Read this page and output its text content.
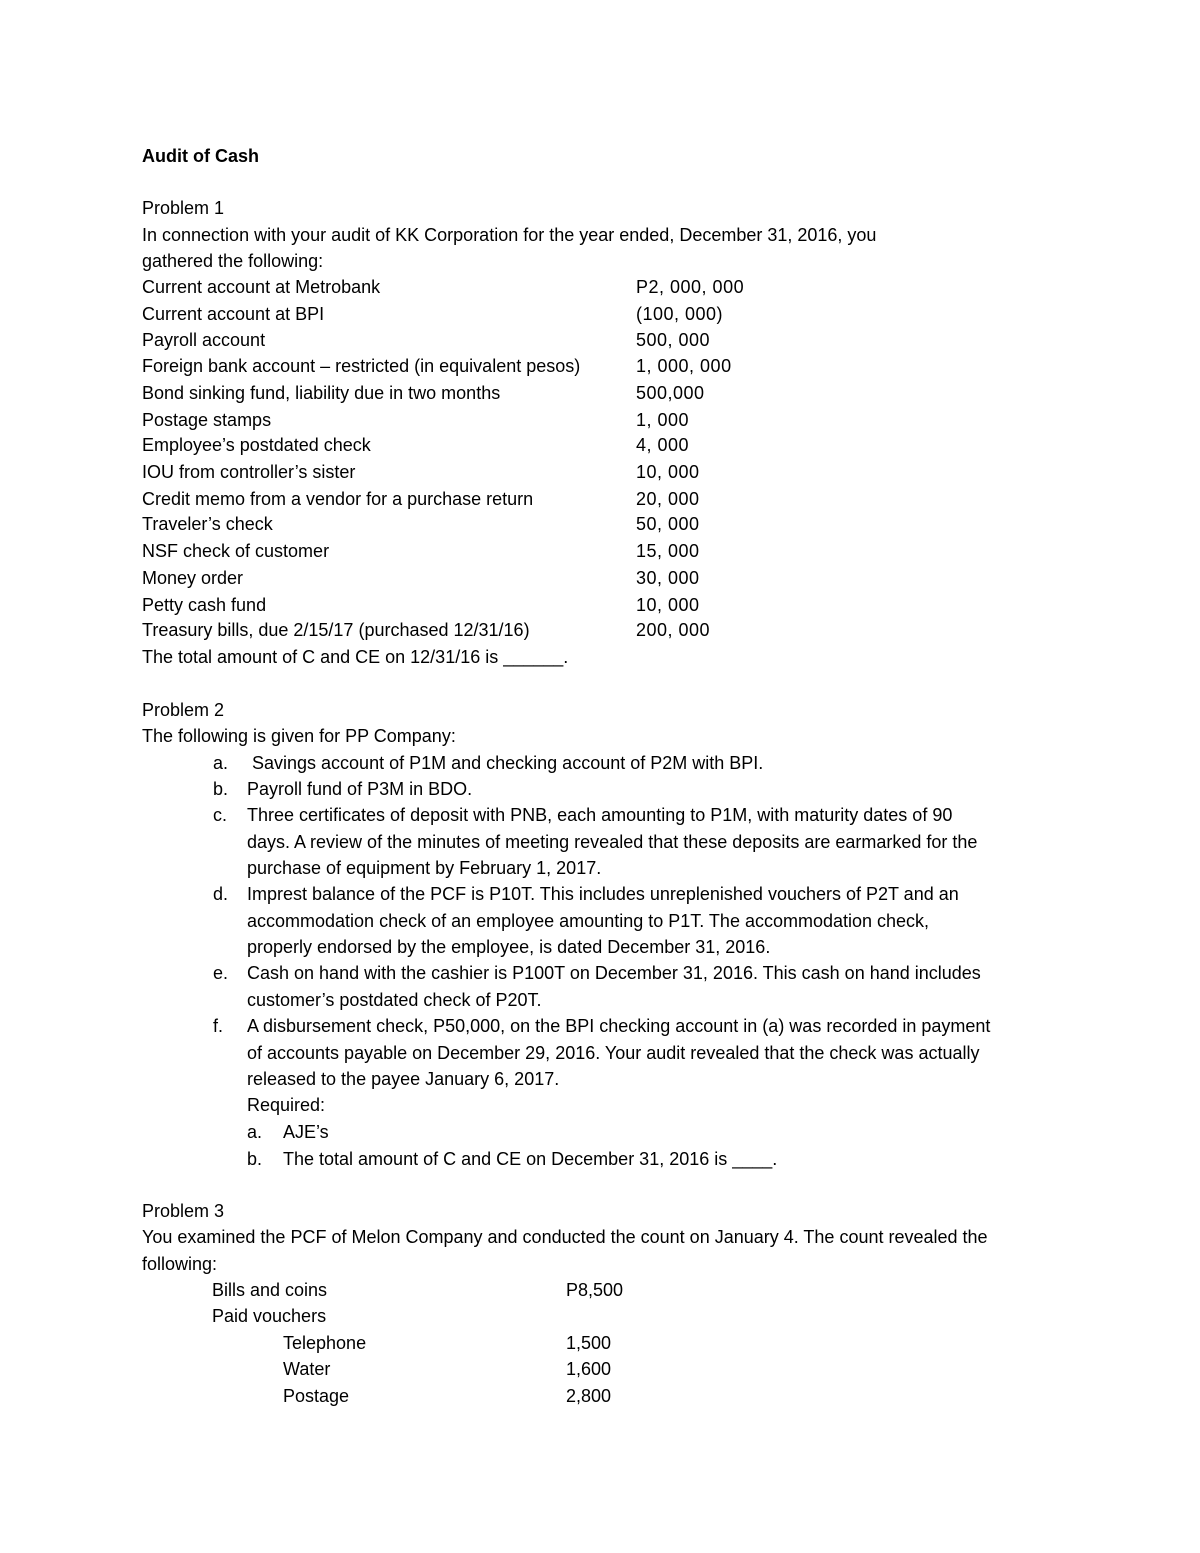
Audit of Cash
Problem 1
In connection with your audit of KK Corporation for the year ended, December 31, 2016, you
gathered the following:
Current account at Metrobank	P2, 000, 000
Current account at BPI	(100, 000)
Payroll account	500, 000
Foreign bank account – restricted (in equivalent pesos)	1, 000, 000
Bond sinking fund, liability due in two months	500,000
Postage stamps	1, 000
Employee’s postdated check	4, 000
IOU from controller’s sister	10, 000
Credit memo from a vendor for a purchase return	20, 000
Traveler’s check	50, 000
NSF check of customer	15, 000
Money order	30, 000
Petty cash fund	10, 000
Treasury bills, due 2/15/17 (purchased 12/31/16)	200, 000
The total amount of C and CE on 12/31/16 is ______.
Problem 2
The following is given for PP Company:
a. Savings account of P1M and checking account of P2M with BPI.
b. Payroll fund of P3M in BDO.
c. Three certificates of deposit with PNB, each amounting to P1M, with maturity dates of 90
days. A review of the minutes of meeting revealed that these deposits are earmarked for the
purchase of equipment by February 1, 2017.
d. Imprest balance of the PCF is P10T. This includes unreplenished vouchers of P2T and an
accommodation check of an employee amounting to P1T. The accommodation check,
properly endorsed by the employee, is dated December 31, 2016.
e. Cash on hand with the cashier is P100T on December 31, 2016. This cash on hand includes
customer’s postdated check of P20T.
f. A disbursement check, P50,000, on the BPI checking account in (a) was recorded in payment
of accounts payable on December 29, 2016. Your audit revealed that the check was actually
released to the payee January 6, 2017.
Required:
a. AJE’s
b. The total amount of C and CE on December 31, 2016 is ____.
Problem 3
You examined the PCF of Melon Company and conducted the count on January 4. The count revealed the
following:
Bills and coins	P8,500
Paid vouchers
Telephone	1,500
Water	1,600
Postage	2,800
